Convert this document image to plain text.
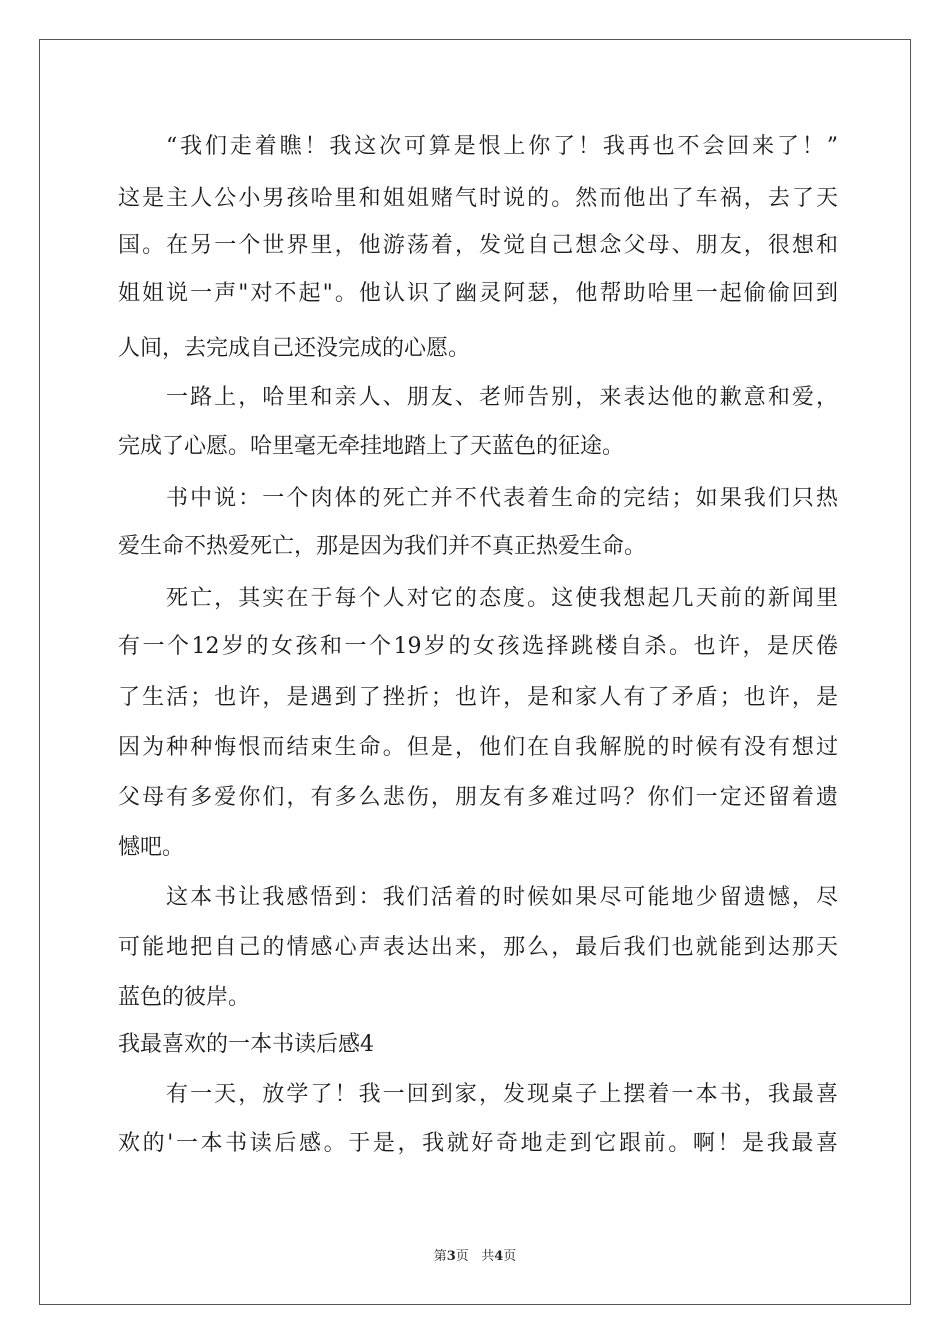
“我们走着瞧！我这次可算是恨上你了！我再也不会回来了！”
这是主人公小男孩哈里和姐姐赌气时说的。然而他出了车祸，去了天
国。在另一个世界里，他游荡着，发觉自己想念父母、朋友，很想和
姐姐说一声"对不起"。他认识了幽灵阿瑟，他帮助哈里一起偷偷回到
人间，去完成自己还没完成的心愿。
一路上，哈里和亲人、朋友、老师告别，来表达他的歉意和爱，
完成了心愿。哈里毫无牵挂地踏上了天蓝色的征途。
书中说：一个肉体的死亡并不代表着生命的完结；如果我们只热
爱生命不热爱死亡，那是因为我们并不真正热爱生命。
死亡，其实在于每个人对它的态度。这使我想起几天前的新闻里
有一个12岁的女孩和一个19岁的女孩选择跳楼自杀。也许，是厌倦
了生活；也许，是遇到了挫折；也许，是和家人有了矛盾；也许，是
因为种种悔恨而结束生命。但是，他们在自我解脱的时候有没有想过
父母有多爱你们，有多么悲伤，朋友有多难过吗？你们一定还留着遗
憾吧。
这本书让我感悟到：我们活着的时候如果尽可能地少留遗憾，尽
可能地把自己的情感心声表达出来，那么，最后我们也就能到达那天
蓝色的彼岸。
我最喜欢的一本书读后感4
有一天，放学了！我一回到家，发现桌子上摆着一本书，我最喜
欢的'一本书读后感。于是，我就好奇地走到它跟前。啊！是我最喜
第3页 共4页
